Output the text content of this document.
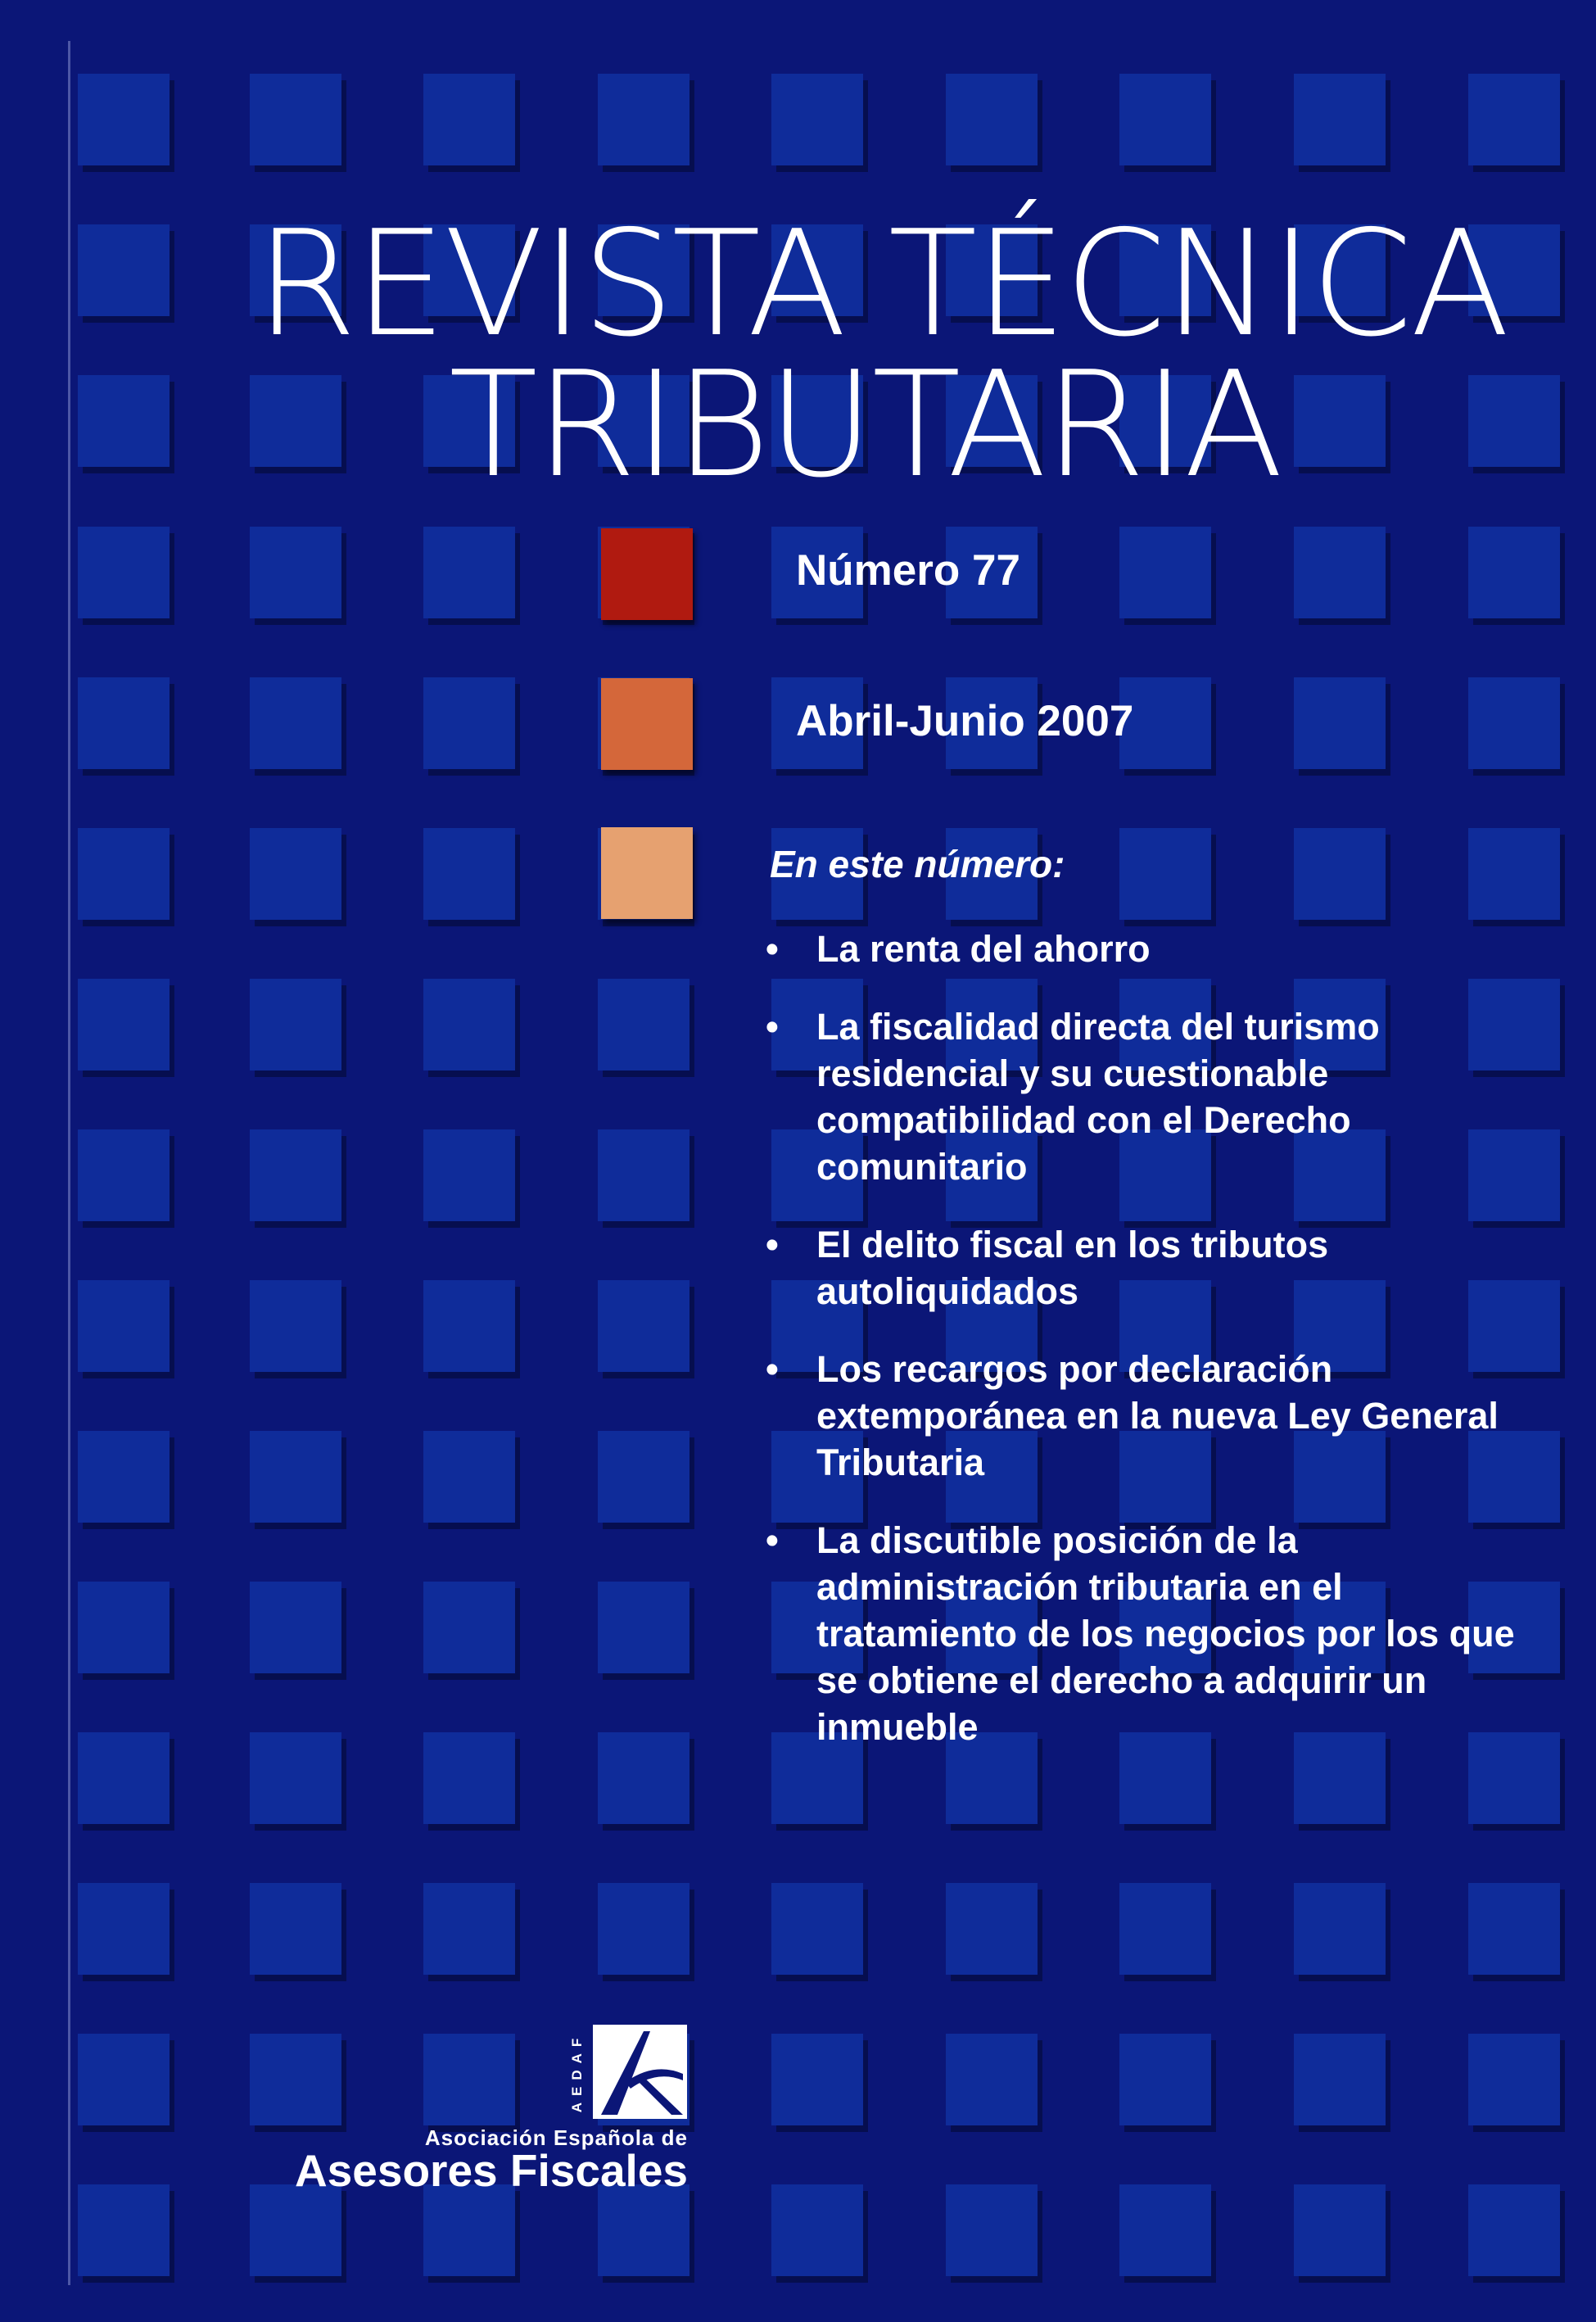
REVISTA TÉCNICA
TRIBUTARIA
Número 77
Abril-Junio 2007
En este número:
• La renta del ahorro
• La fiscalidad directa del turismo residencial y su cuestionable compatibilidad con el Derecho comunitario
• El delito fiscal en los tributos autoliquidados
• Los recargos por declaración extemporánea en la nueva Ley General Tributaria
• La discutible posición de la administración tributaria en el tratamiento de los negocios por los que se obtiene el derecho a adquirir un inmueble
AEDAF
Asociación Española de
Asesores Fiscales
